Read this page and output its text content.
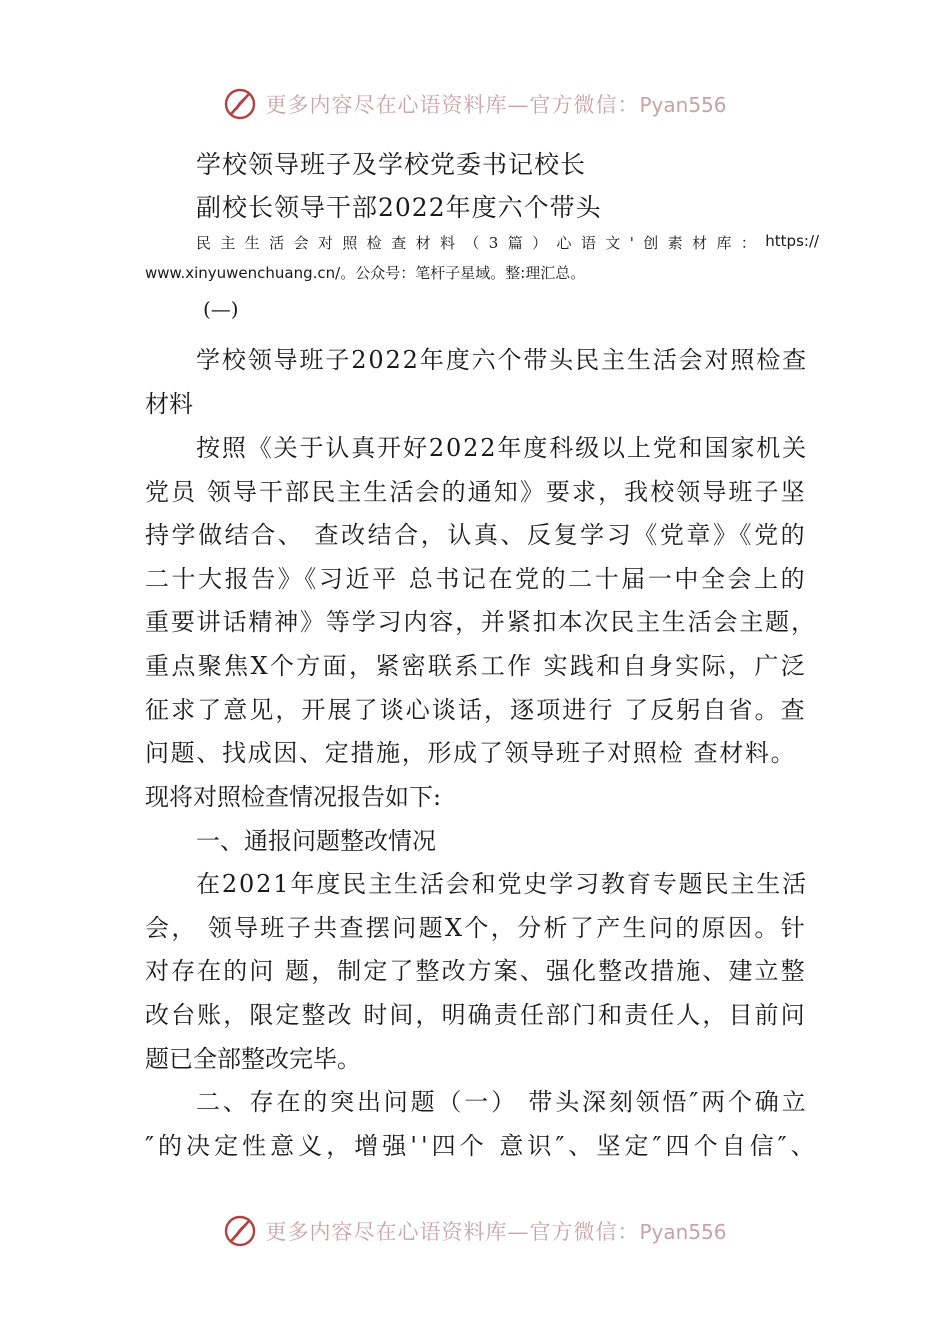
更多内容尽在心语资料库—官方微信：Pyan556
学校领导班子及学校党委书记校长
副校长领导干部2022年度六个带头
民主生活会对照检查材料（3篇）心语文'创素材库： https://
www.xinyuwenchuang.cn/。公众号：笔杆子星域。整:理汇总。
(—)
学校领导班子2022年度六个带头民主生活会对照检查
材料
按照《关于认真开好2022年度科级以上党和国家机关
党员 领导干部民主生活会的通知》要求，我校领导班子坚
持学做结合、 查改结合，认真、反复学习《党章》《党的
二十大报告》《习近平 总书记在党的二十届一中全会上的
重要讲话精神》等学习内容，并紧扣本次民主生活会主题，
重点聚焦X个方面，紧密联系工作 实践和自身实际，广泛
征求了意见，开展了谈心谈话，逐项进行 了反躬自省。查
问题、找成因、定措施，形成了领导班子对照检 查材料。
现将对照检查情况报告如下:
一、通报问题整改情况
在2021年度民主生活会和党史学习教育专题民主生活
会， 领导班子共查摆问题X个，分析了产生问的原因。针
对存在的问 题，制定了整改方案、强化整改措施、建立整
改台账，限定整改 时间，明确责任部门和责任人，目前问
题已全部整改完毕。
二、存在的突出问题（一） 带头深刻领悟″两个确立
″的决定性意义，增强''四个 意识″、坚定″四个自信″、
更多内容尽在心语资料库—官方微信：Pyan556
